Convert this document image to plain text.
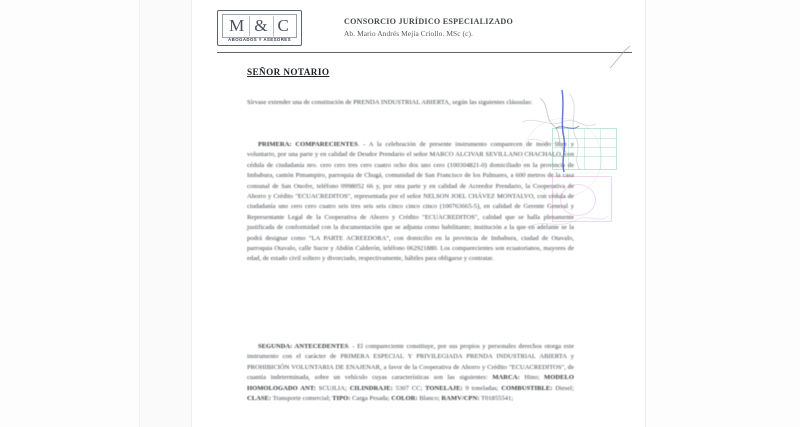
M & C
ABOGADOS Y ASESORES
CONSORCIO JURÍDICO ESPECIALIZADO
Ab. Mario Andrés Mejía Criollo. MSc (c).
SEÑOR NOTARIO
Sírvase extender una de constitución de PRENDA INDUSTRIAL ABIERTA, según las siguientes cláusulas:
PRIMERA: COMPARECIENTES. - A la celebración de presente instrumento comparecen de modo libre y voluntario, por una parte y en calidad de Deudor Prendario el señor MARCO ALCIVAR SEVILLANO CHACHALO, con cédula de ciudadanía nro. cero cero tres cero cuatro ocho dos uno cero (100304821-0) domiciliado en la provincia de Imbabura, cantón Pimampiro, parroquia de Chugá, comunidad de San Francisco de los Palmares, a 600 metros de la casa comunal de San Onofre, teléfono 0998052 66 y, por otra parte y en calidad de Acreedor Prendario, la Cooperativa de Ahorro y Crédito "ECUACREDITOS", representada por el señor NELSON JOEL CHÁVEZ MONTALVO, con cédula de ciudadanía uno cero cero cuatro seis tres seis seis cinco cinco cinco (100763665-5), en calidad de Gerente General y Representante Legal de la Cooperativa de Ahorro y Crédito "ECUACREDITOS", calidad que se halla plenamente justificada de conformidad con la documentación que se adjunta como habilitante; institución a la que en adelante se la podrá designar como "LA PARTE ACREEDORA", con domicilio en la provincia de Imbabura, ciudad de Otavalo, parroquia Otavalo, calle Sucre y Abdón Calderón, teléfono 062921880. Los comparecientes son ecuatorianos, mayores de edad, de estado civil soltero y divorciado, respectivamente, hábiles para obligarse y contratar.
SEGUNDA: ANTECEDENTES. - El compareciente constituye, por sus propios y personales derechos otorga este instrumento con el carácter de PRIMERA ESPECIAL Y PRIVILEGIADA PRENDA INDUSTRIAL ABIERTA y PROHIBICIÓN VOLUNTARIA DE ENAJENAR, a favor de la Cooperativa de Ahorro y Crédito "ECUACREDITOS", de cuantía indeterminada, sobre un vehículo cuyas características son las siguientes: MARCA: Hino; MODELO HOMOLOGADO ANT: SCUJLIA; CILINDRAJE: 5307 CC; TONELAJE: 9 toneladas; COMBUSTIBLE: Diesel; CLASE: Transporte comercial; TIPO: Carga Pesada; COLOR: Blanco; RAMV/CPN: T01855541;
